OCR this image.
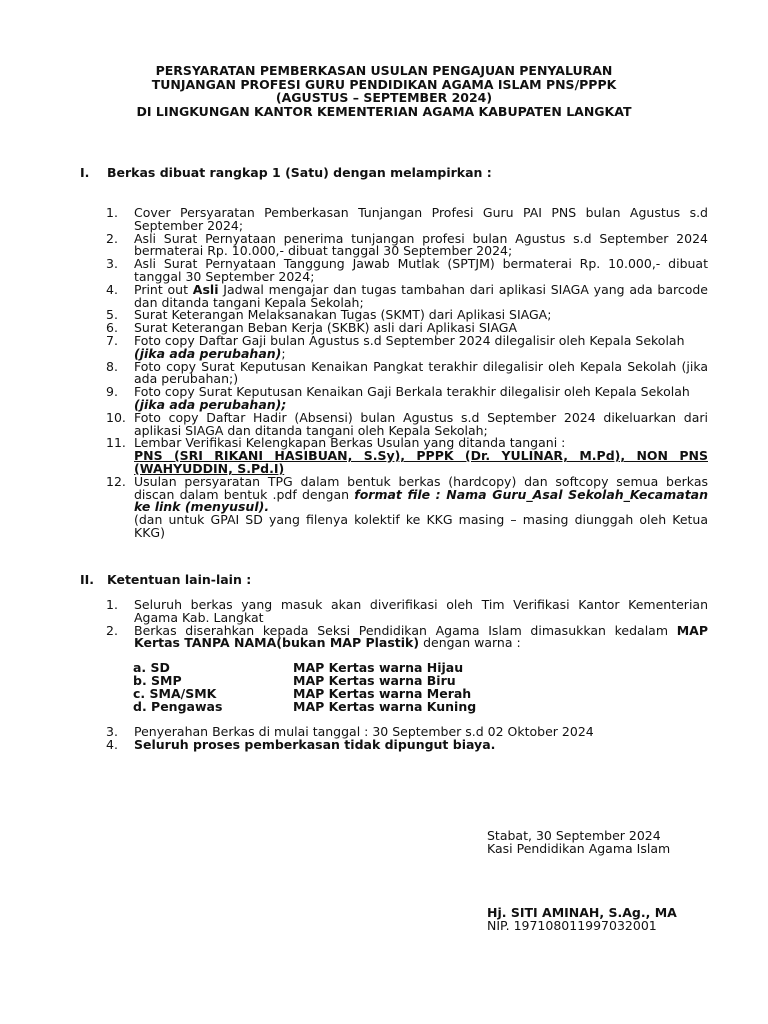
PERSYARATAN PEMBERKASAN USULAN PENGAJUAN PENYALURAN
TUNJANGAN PROFESI GURU PENDIDIKAN AGAMA ISLAM PNS/PPPK
(AGUSTUS – SEPTEMBER 2024)
DI LINGKUNGAN KANTOR KEMENTERIAN AGAMA KABUPATEN LANGKAT
I. Berkas dibuat rangkap 1 (Satu) dengan melampirkan :
1. Cover Persyaratan Pemberkasan Tunjangan Profesi Guru PAI PNS bulan Agustus s.d September 2024;
2. Asli Surat Pernyataan penerima tunjangan profesi bulan Agustus s.d September 2024 bermaterai Rp. 10.000,- dibuat tanggal 30 September 2024;
3. Asli Surat Pernyataan Tanggung Jawab Mutlak (SPTJM) bermaterai Rp. 10.000,- dibuat tanggal 30 September 2024;
4. Print out Asli Jadwal mengajar dan tugas tambahan dari aplikasi SIAGA yang ada barcode dan ditanda tangani Kepala Sekolah;
5. Surat Keterangan Melaksanakan Tugas (SKMT) dari Aplikasi SIAGA;
6. Surat Keterangan Beban Kerja (SKBK) asli dari Aplikasi SIAGA
7. Foto copy Daftar Gaji bulan Agustus s.d September 2024 dilegalisir oleh Kepala Sekolah
(jika ada perubahan);
8. Foto copy Surat Keputusan Kenaikan Pangkat terakhir dilegalisir oleh Kepala Sekolah (jika ada perubahan;)
9. Foto copy Surat Keputusan Kenaikan Gaji Berkala terakhir dilegalisir oleh Kepala Sekolah
(jika ada perubahan);
10. Foto copy Daftar Hadir (Absensi) bulan Agustus s.d September 2024 dikeluarkan dari aplikasi SIAGA dan ditanda tangani oleh Kepala Sekolah;
11. Lembar Verifikasi Kelengkapan Berkas Usulan yang ditanda tangani :
PNS (SRI RIKANI HASIBUAN, S.Sy), PPPK (Dr. YULINAR, M.Pd), NON PNS (WAHYUDDIN, S.Pd.I)
12. Usulan persyaratan TPG dalam bentuk berkas (hardcopy) dan softcopy semua berkas discan dalam bentuk .pdf dengan format file : Nama Guru_Asal Sekolah_Kecamatan ke link (menyusul).
(dan untuk GPAI SD yang filenya kolektif ke KKG masing – masing diunggah oleh Ketua KKG)
II. Ketentuan lain-lain :
1. Seluruh berkas yang masuk akan diverifikasi oleh Tim Verifikasi Kantor Kementerian Agama Kab. Langkat
2. Berkas diserahkan kepada Seksi Pendidikan Agama Islam dimasukkan kedalam MAP Kertas TANPA NAMA(bukan MAP Plastik) dengan warna :
a. SD	MAP Kertas warna Hijau
b. SMP	MAP Kertas warna Biru
c. SMA/SMK	MAP Kertas warna Merah
d. Pengawas	MAP Kertas warna Kuning
3. Penyerahan Berkas di mulai tanggal : 30 September s.d 02 Oktober 2024
4. Seluruh proses pemberkasan tidak dipungut biaya.
Stabat, 30 September 2024
Kasi Pendidikan Agama Islam
Hj. SITI AMINAH, S.Ag., MA
NIP. 197108011997032001
